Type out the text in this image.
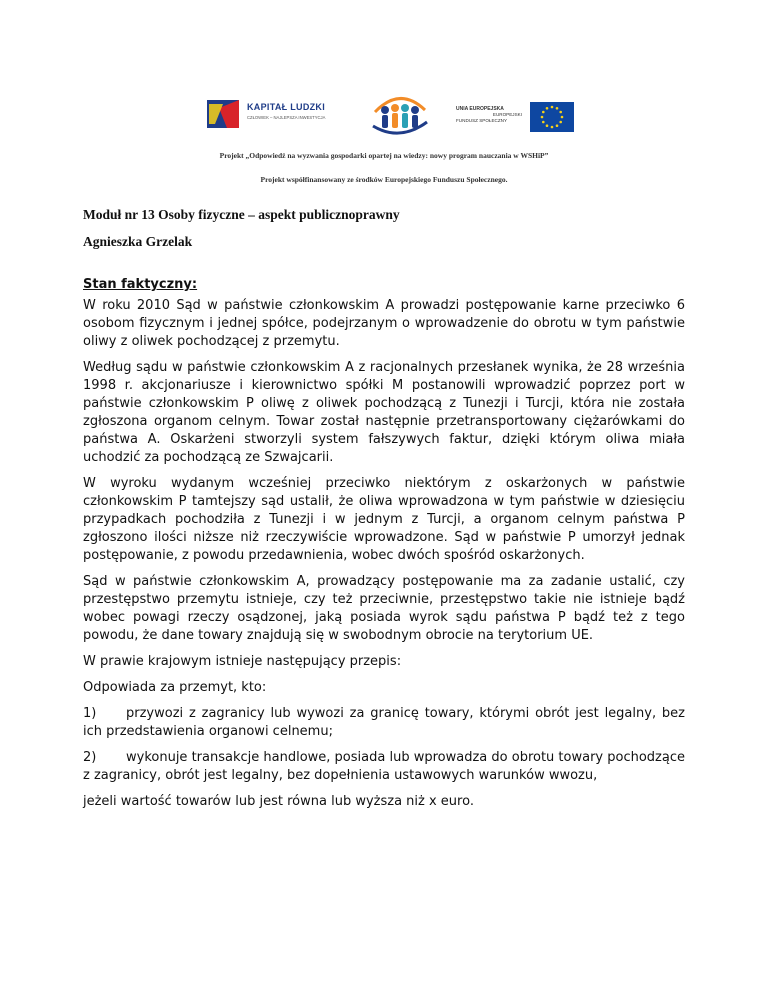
KAPITAŁ LUDZKI
CZŁOWIEK – NAJLEPSZA INWESTYCJA
UNIA EUROPEJSKA
EUROPEJSKI
FUNDUSZ SPOŁECZNY
Projekt „Odpowiedź na wyzwania gospodarki opartej na wiedzy: nowy program nauczania w WSHiP”
Projekt współfinansowany ze środków Europejskiego Funduszu Społecznego.

Moduł nr 13 Osoby fizyczne – aspekt publicznoprawny

Agnieszka Grzelak

Stan faktyczny:

W roku 2010 Sąd w państwie członkowskim A prowadzi postępowanie karne przeciwko 6 osobom fizycznym i jednej spółce, podejrzanym o wprowadzenie do obrotu w tym państwie oliwy z oliwek pochodzącej z przemytu.

Według sądu w państwie członkowskim A z racjonalnych przesłanek wynika, że 28 września 1998 r. akcjonariusze i kierownictwo spółki M postanowili wprowadzić poprzez port w państwie członkowskim P oliwę z oliwek pochodzącą z Tunezji i Turcji, która nie została zgłoszona organom celnym. Towar został następnie przetransportowany ciężarówkami do państwa A. Oskarżeni stworzyli system fałszywych faktur, dzięki którym oliwa miała uchodzić za pochodzącą ze Szwajcarii.

W wyroku wydanym wcześniej przeciwko niektórym z oskarżonych w państwie członkowskim P tamtejszy sąd ustalił, że oliwa wprowadzona w tym państwie w dziesięciu przypadkach pochodziła z Tunezji i w jednym z Turcji, a organom celnym państwa P zgłoszono ilości niższe niż rzeczywiście wprowadzone. Sąd w państwie P umorzył jednak postępowanie, z powodu przedawnienia, wobec dwóch spośród oskarżonych.

Sąd w państwie członkowskim A, prowadzący postępowanie ma za zadanie ustalić, czy przestępstwo przemytu istnieje, czy też przeciwnie, przestępstwo takie nie istnieje bądź wobec powagi rzeczy osądzonej, jaką posiada wyrok sądu państwa P bądź też z tego powodu, że dane towary znajdują się w swobodnym obrocie na terytorium UE.

W prawie krajowym istnieje następujący przepis:

Odpowiada za przemyt, kto:

1) przywozi z zagranicy lub wywozi za granicę towary, którymi obrót jest legalny, bez ich przedstawienia organowi celnemu;

2) wykonuje transakcje handlowe, posiada lub wprowadza do obrotu towary pochodzące z zagranicy, obrót jest legalny, bez dopełnienia ustawowych warunków wwozu,

jeżeli wartość towarów lub jest równa lub wyższa niż x euro.
